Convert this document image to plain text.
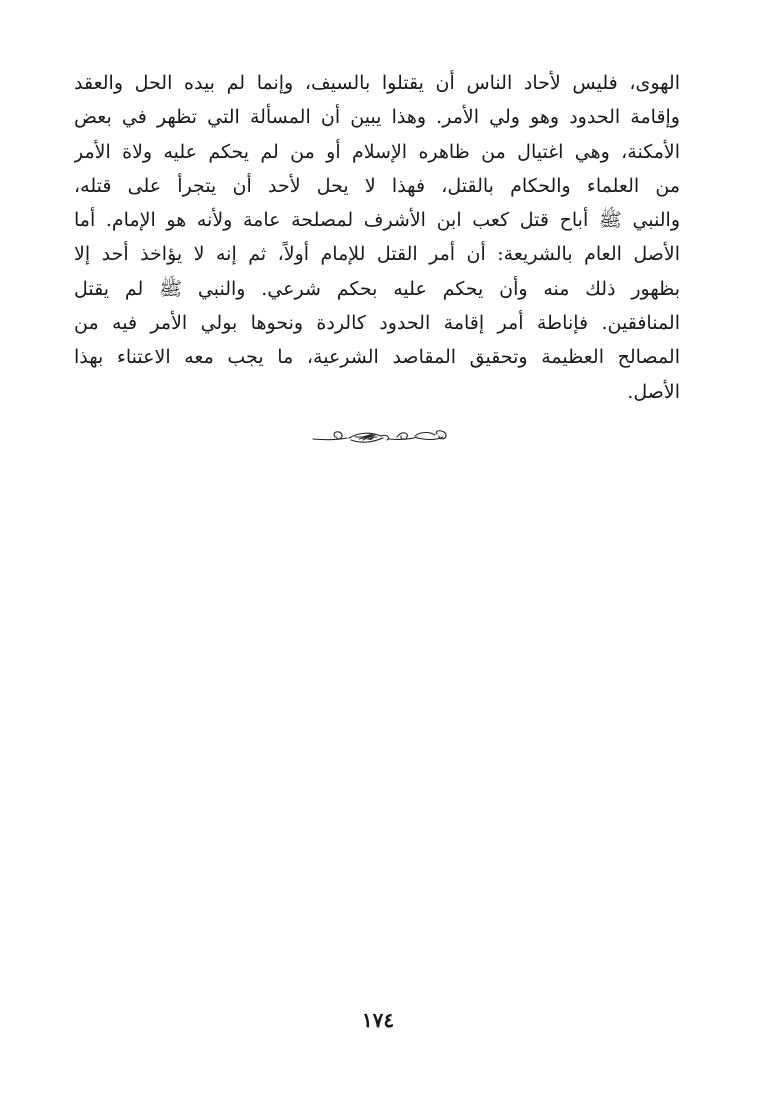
الهوى، فليس لأحاد الناس أن يقتلوا بالسيف، وإنما لم بيده الحل والعقد
وإقامة الحدود وهو ولي الأمر. وهذا يبين أن المسألة التي تظهر في بعض
الأمكنة، وهي اغتيال من ظاهره الإسلام أو من لم يحكم عليه ولاة الأمر
من العلماء والحكام بالقتل، فهذا لا يحل لأحد أن يتجرأ على قتله،
والنبي ﷺ أباح قتل كعب ابن الأشرف لمصلحة عامة ولأنه هو الإمام. أما
الأصل العام بالشريعة: أن أمر القتل للإمام أولاً، ثم إنه لا يؤاخذ أحد إلا
بظهور ذلك منه وأن يحكم عليه بحكم شرعي. والنبي ﷺ لم يقتل
المنافقين. فإناطة أمر إقامة الحدود كالردة ونحوها بولي الأمر فيه من
المصالح العظيمة وتحقيق المقاصد الشرعية، ما يجب معه الاعتناء بهذا
الأصل.
١٧٤
